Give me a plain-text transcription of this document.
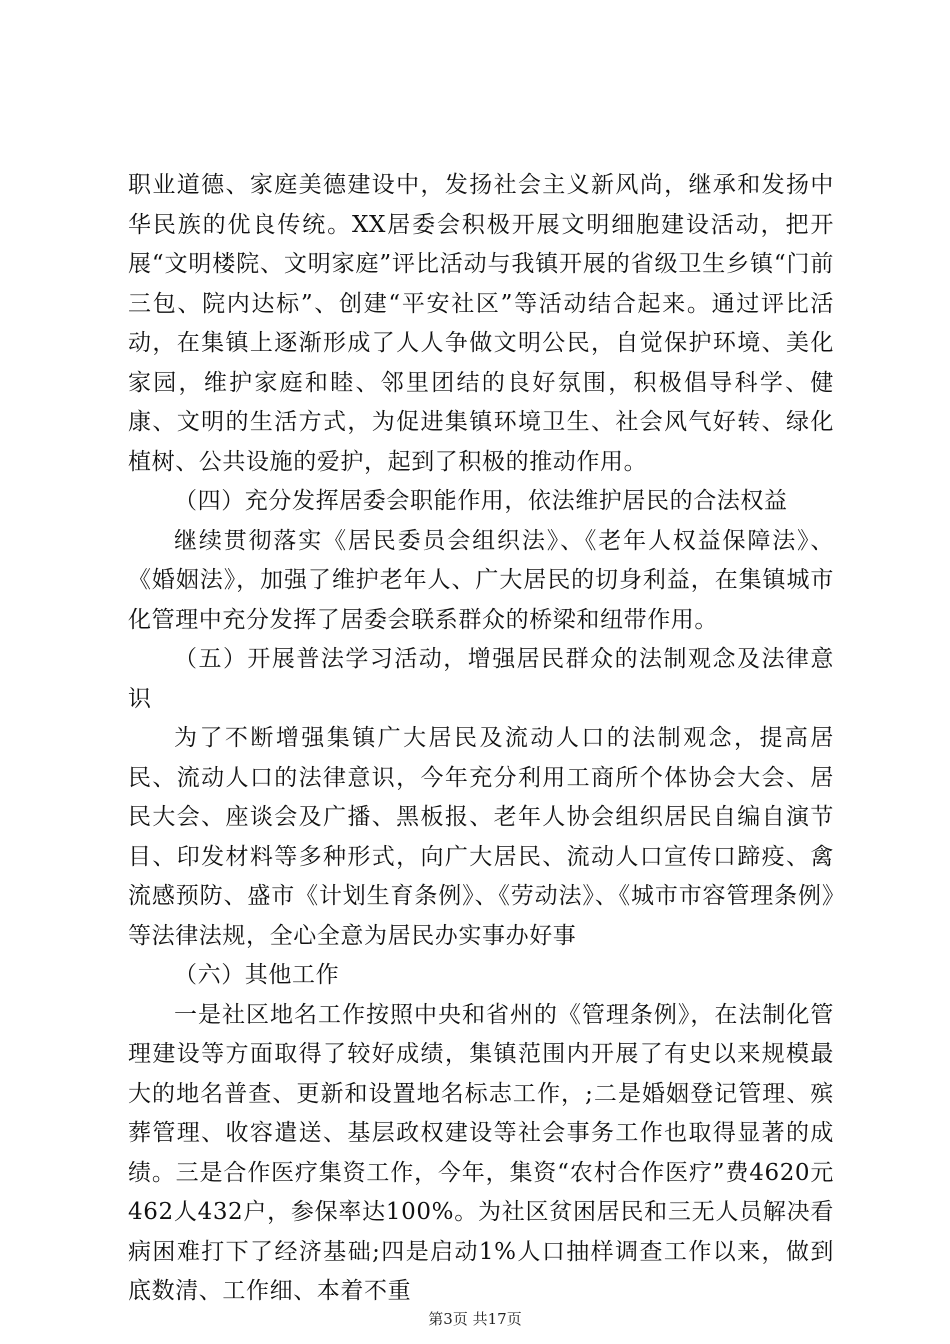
职业道德、家庭美德建设中，发扬社会主义新风尚，继承和发扬中华民族的优良传统。XX居委会积极开展文明细胞建设活动，把开展“文明楼院、文明家庭”评比活动与我镇开展的省级卫生乡镇“门前三包、院内达标”、创建“平安社区”等活动结合起来。通过评比活动，在集镇上逐渐形成了人人争做文明公民，自觉保护环境、美化家园，维护家庭和睦、邻里团结的良好氛围，积极倡导科学、健康、文明的生活方式，为促进集镇环境卫生、社会风气好转、绿化植树、公共设施的爱护，起到了积极的推动作用。

（四）充分发挥居委会职能作用，依法维护居民的合法权益

继续贯彻落实《居民委员会组织法》、《老年人权益保障法》、《婚姻法》，加强了维护老年人、广大居民的切身利益，在集镇城市化管理中充分发挥了居委会联系群众的桥梁和纽带作用。

（五）开展普法学习活动，增强居民群众的法制观念及法律意识

为了不断增强集镇广大居民及流动人口的法制观念，提高居民、流动人口的法律意识，今年充分利用工商所个体协会大会、居民大会、座谈会及广播、黑板报、老年人协会组织居民自编自演节目、印发材料等多种形式，向广大居民、流动人口宣传口蹄疫、禽流感预防、盛市《计划生育条例》、《劳动法》、《城市市容管理条例》等法律法规，全心全意为居民办实事办好事

（六）其他工作

一是社区地名工作按照中央和省州的《管理条例》，在法制化管理建设等方面取得了较好成绩，集镇范围内开展了有史以来规模最大的地名普查、更新和设置地名标志工作，;二是婚姻登记管理、殡葬管理、收容遣送、基层政权建设等社会事务工作也取得显著的成绩。三是合作医疗集资工作，今年，集资“农村合作医疗”费4620元462人432户，参保率达100%。为社区贫困居民和三无人员解决看病困难打下了经济基础;四是启动1%人口抽样调查工作以来，做到底数清、工作细、本着不重

第3页 共17页
